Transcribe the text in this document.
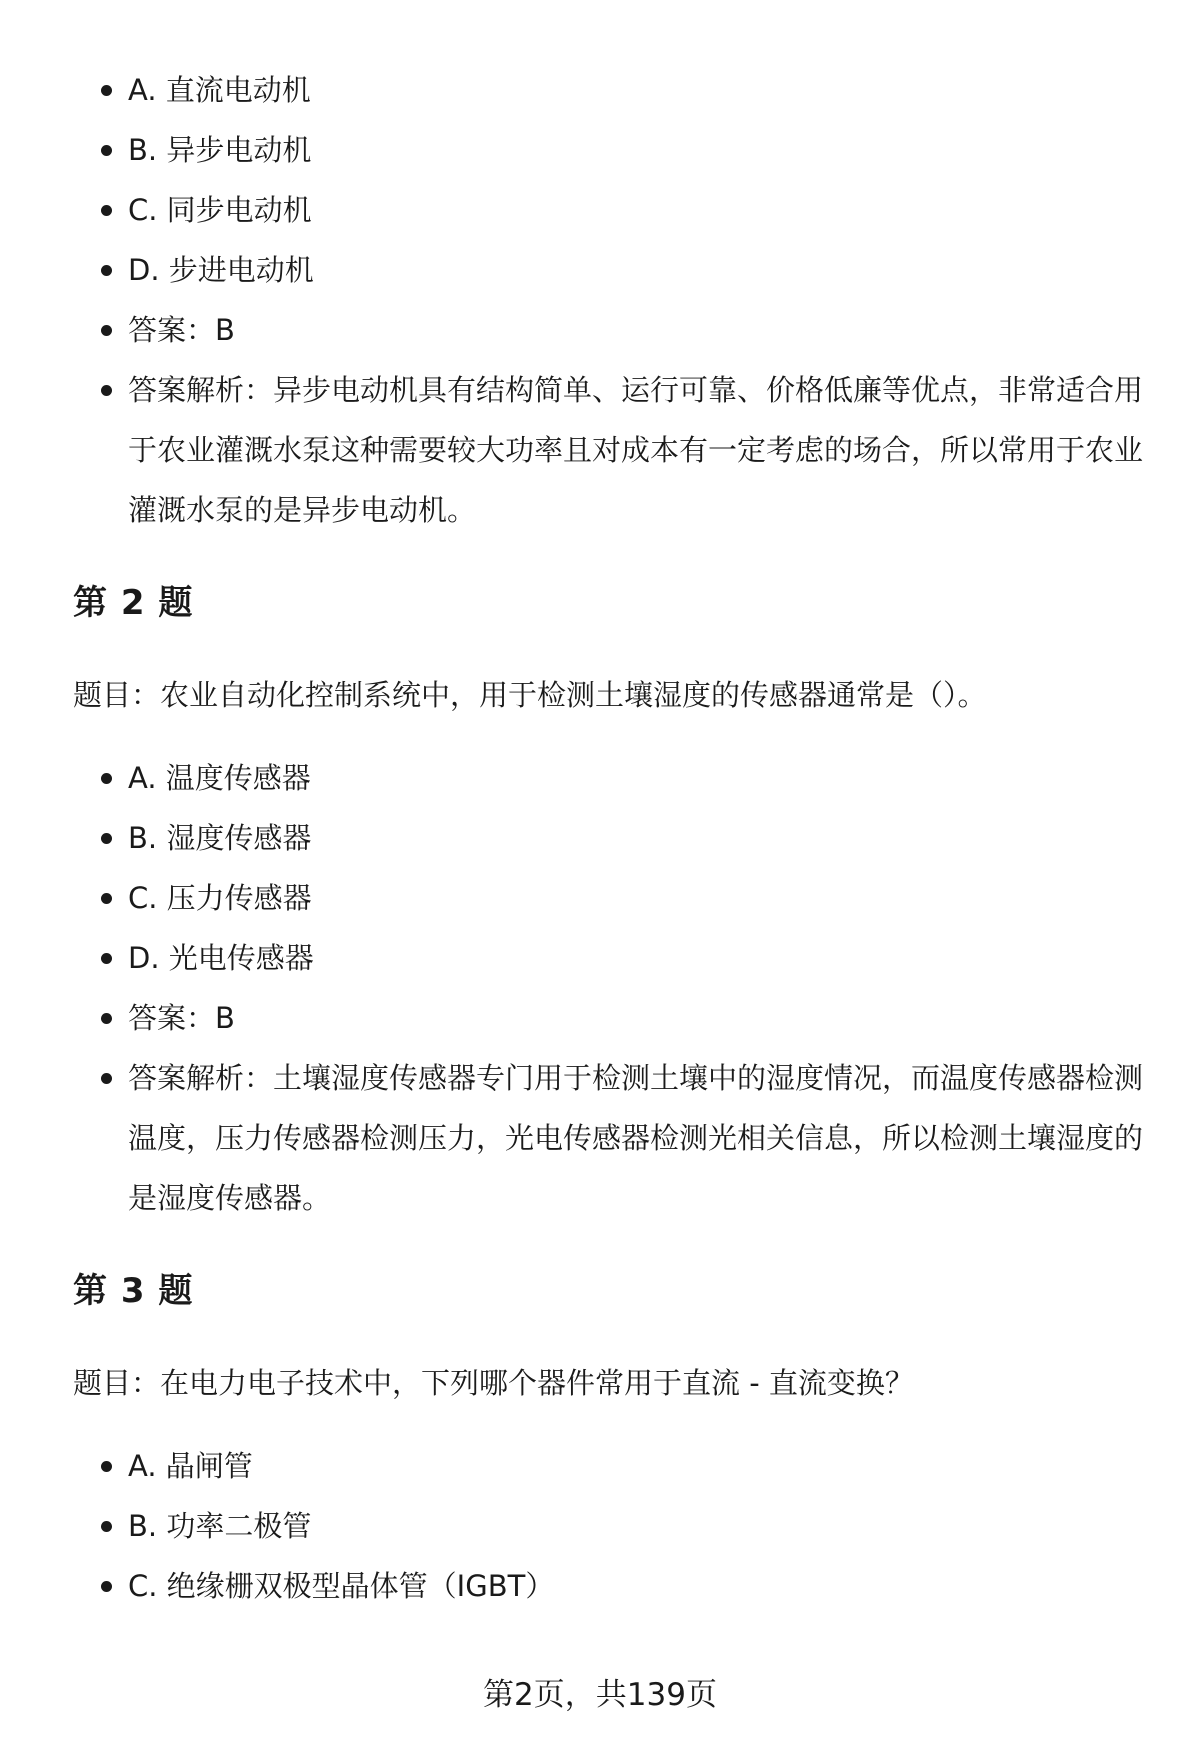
A. 直流电动机
B. 异步电动机
C. 同步电动机
D. 步进电动机
答案：B
答案解析：异步电动机具有结构简单、运行可靠、价格低廉等优点，非常适合用于农业灌溉水泵这种需要较大功率且对成本有一定考虑的场合，所以常用于农业灌溉水泵的是异步电动机。
第 2 题
题目：农业自动化控制系统中，用于检测土壤湿度的传感器通常是（）。
A. 温度传感器
B. 湿度传感器
C. 压力传感器
D. 光电传感器
答案：B
答案解析：土壤湿度传感器专门用于检测土壤中的湿度情况，而温度传感器检测温度，压力传感器检测压力，光电传感器检测光相关信息，所以检测土壤湿度的是湿度传感器。
第 3 题
题目：在电力电子技术中，下列哪个器件常用于直流 - 直流变换？
A. 晶闸管
B. 功率二极管
C. 绝缘栅双极型晶体管（IGBT）
第2页，共139页
